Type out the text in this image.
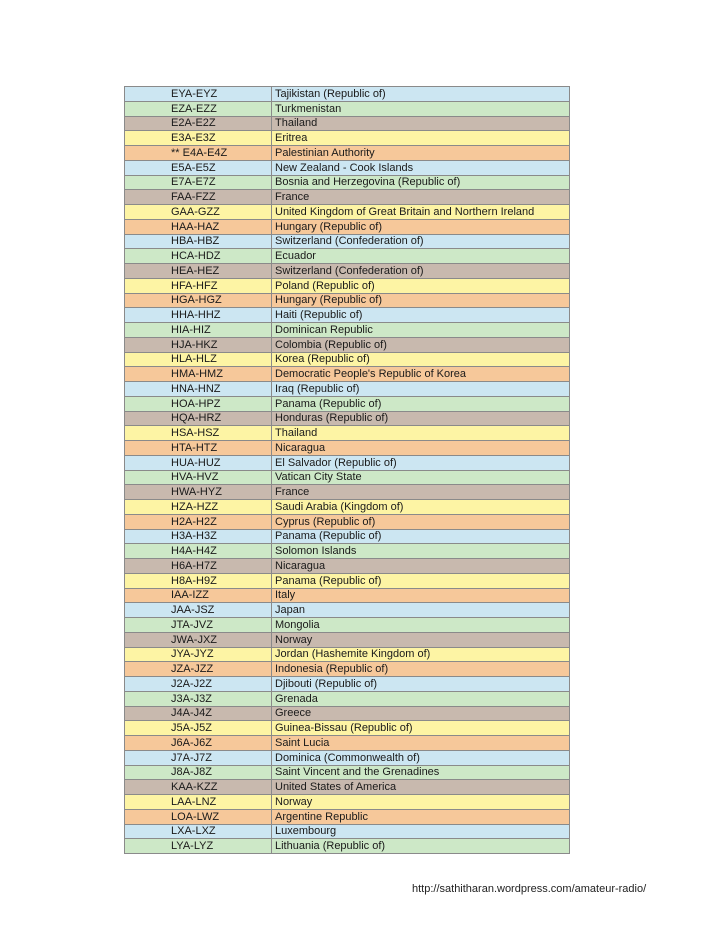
EYA-EYZ	Tajikistan (Republic of)
EZA-EZZ	Turkmenistan
E2A-E2Z	Thailand
E3A-E3Z	Eritrea
** E4A-E4Z	Palestinian Authority
E5A-E5Z	New Zealand - Cook Islands
E7A-E7Z	Bosnia and Herzegovina (Republic of)
FAA-FZZ	France
GAA-GZZ	United Kingdom of Great Britain and Northern Ireland
HAA-HAZ	Hungary (Republic of)
HBA-HBZ	Switzerland (Confederation of)
HCA-HDZ	Ecuador
HEA-HEZ	Switzerland (Confederation of)
HFA-HFZ	Poland (Republic of)
HGA-HGZ	Hungary (Republic of)
HHA-HHZ	Haiti (Republic of)
HIA-HIZ	Dominican Republic
HJA-HKZ	Colombia (Republic of)
HLA-HLZ	Korea (Republic of)
HMA-HMZ	Democratic People's Republic of Korea
HNA-HNZ	Iraq (Republic of)
HOA-HPZ	Panama (Republic of)
HQA-HRZ	Honduras (Republic of)
HSA-HSZ	Thailand
HTA-HTZ	Nicaragua
HUA-HUZ	El Salvador (Republic of)
HVA-HVZ	Vatican City State
HWA-HYZ	France
HZA-HZZ	Saudi Arabia (Kingdom of)
H2A-H2Z	Cyprus (Republic of)
H3A-H3Z	Panama (Republic of)
H4A-H4Z	Solomon Islands
H6A-H7Z	Nicaragua
H8A-H9Z	Panama (Republic of)
IAA-IZZ	Italy
JAA-JSZ	Japan
JTA-JVZ	Mongolia
JWA-JXZ	Norway
JYA-JYZ	Jordan (Hashemite Kingdom of)
JZA-JZZ	Indonesia (Republic of)
J2A-J2Z	Djibouti (Republic of)
J3A-J3Z	Grenada
J4A-J4Z	Greece
J5A-J5Z	Guinea-Bissau (Republic of)
J6A-J6Z	Saint Lucia
J7A-J7Z	Dominica (Commonwealth of)
J8A-J8Z	Saint Vincent and the Grenadines
KAA-KZZ	United States of America
LAA-LNZ	Norway
LOA-LWZ	Argentine Republic
LXA-LXZ	Luxembourg
LYA-LYZ	Lithuania (Republic of)
http://sathitharan.wordpress.com/amateur-radio/
